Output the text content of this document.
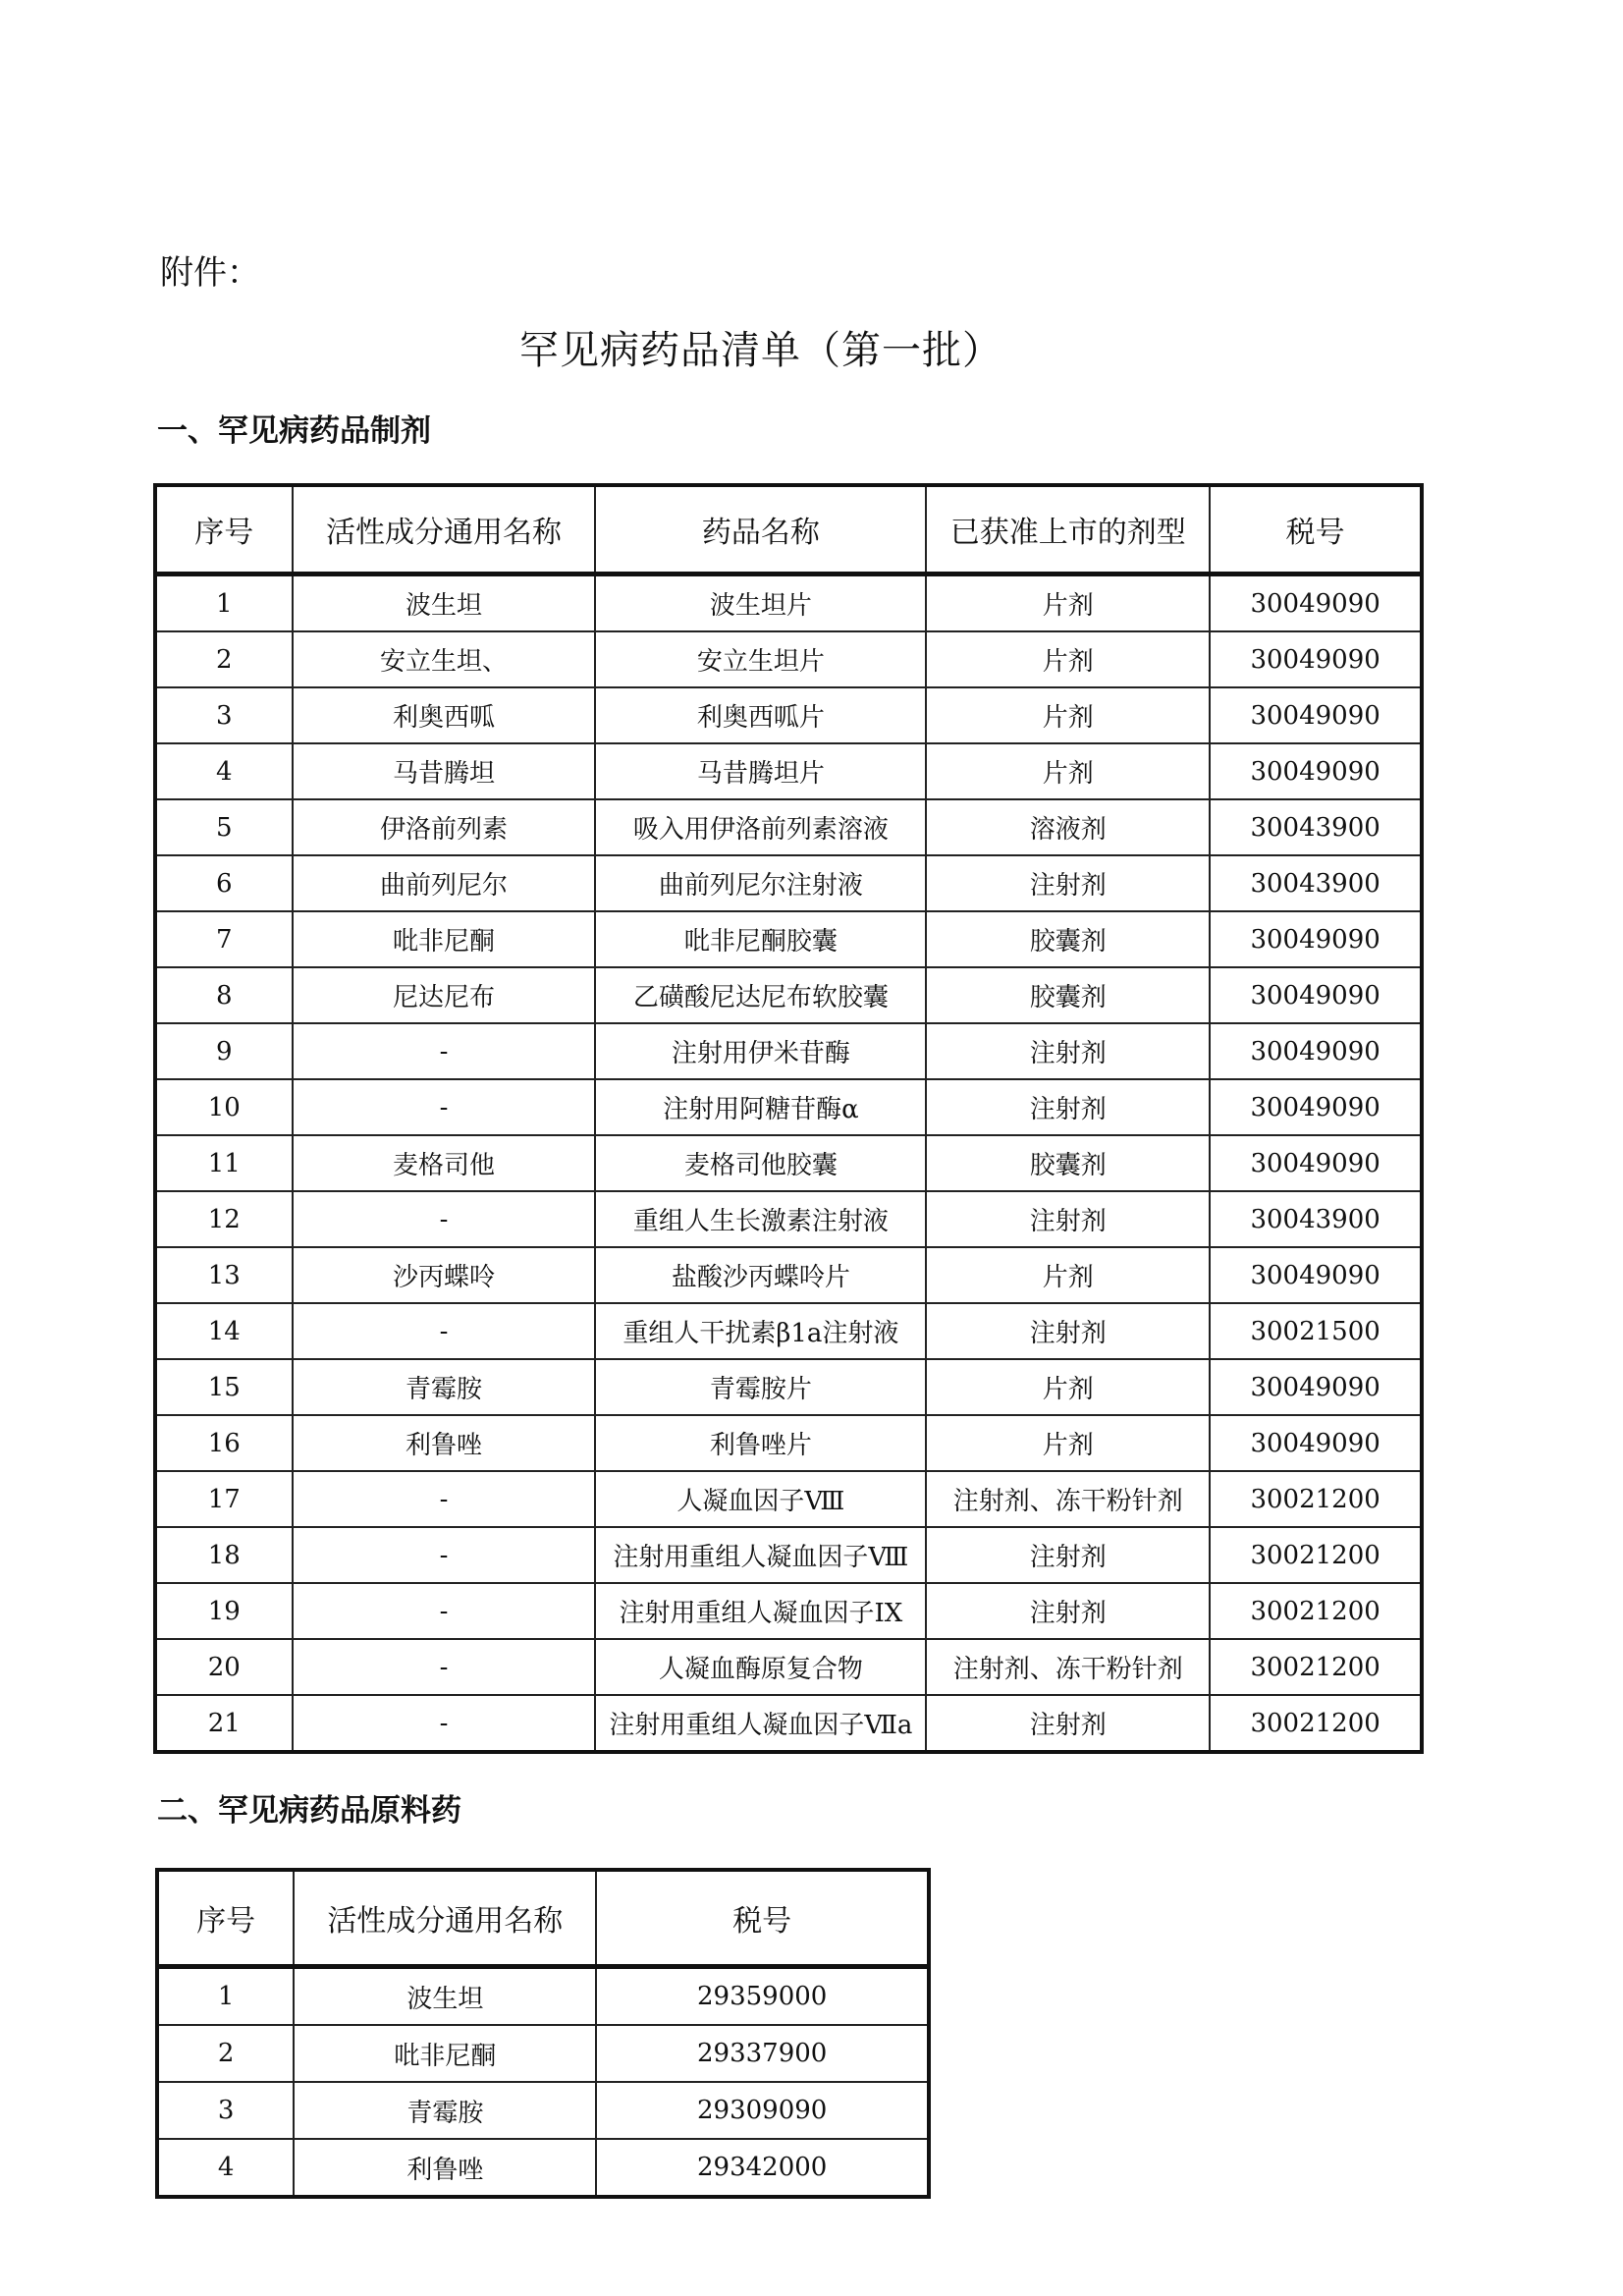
附件：
罕见病药品清单（第一批）
一、罕见病药品制剂
序号	活性成分通用名称	药品名称	已获准上市的剂型	税号
1	波生坦	波生坦片	片剂	30049090
2	安立生坦、	安立生坦片	片剂	30049090
3	利奥西呱	利奥西呱片	片剂	30049090
4	马昔腾坦	马昔腾坦片	片剂	30049090
5	伊洛前列素	吸入用伊洛前列素溶液	溶液剂	30043900
6	曲前列尼尔	曲前列尼尔注射液	注射剂	30043900
7	吡非尼酮	吡非尼酮胶囊	胶囊剂	30049090
8	尼达尼布	乙磺酸尼达尼布软胶囊	胶囊剂	30049090
9	-	注射用伊米苷酶	注射剂	30049090
10	-	注射用阿糖苷酶α	注射剂	30049090
11	麦格司他	麦格司他胶囊	胶囊剂	30049090
12	-	重组人生长激素注射液	注射剂	30043900
13	沙丙蝶呤	盐酸沙丙蝶呤片	片剂	30049090
14	-	重组人干扰素β1a注射液	注射剂	30021500
15	青霉胺	青霉胺片	片剂	30049090
16	利鲁唑	利鲁唑片	片剂	30049090
17	-	人凝血因子Ⅷ	注射剂、冻干粉针剂	30021200
18	-	注射用重组人凝血因子Ⅷ	注射剂	30021200
19	-	注射用重组人凝血因子IX	注射剂	30021200
20	-	人凝血酶原复合物	注射剂、冻干粉针剂	30021200
21	-	注射用重组人凝血因子Ⅶa	注射剂	30021200
二、罕见病药品原料药
序号	活性成分通用名称	税号
1	波生坦	29359000
2	吡非尼酮	29337900
3	青霉胺	29309090
4	利鲁唑	29342000
